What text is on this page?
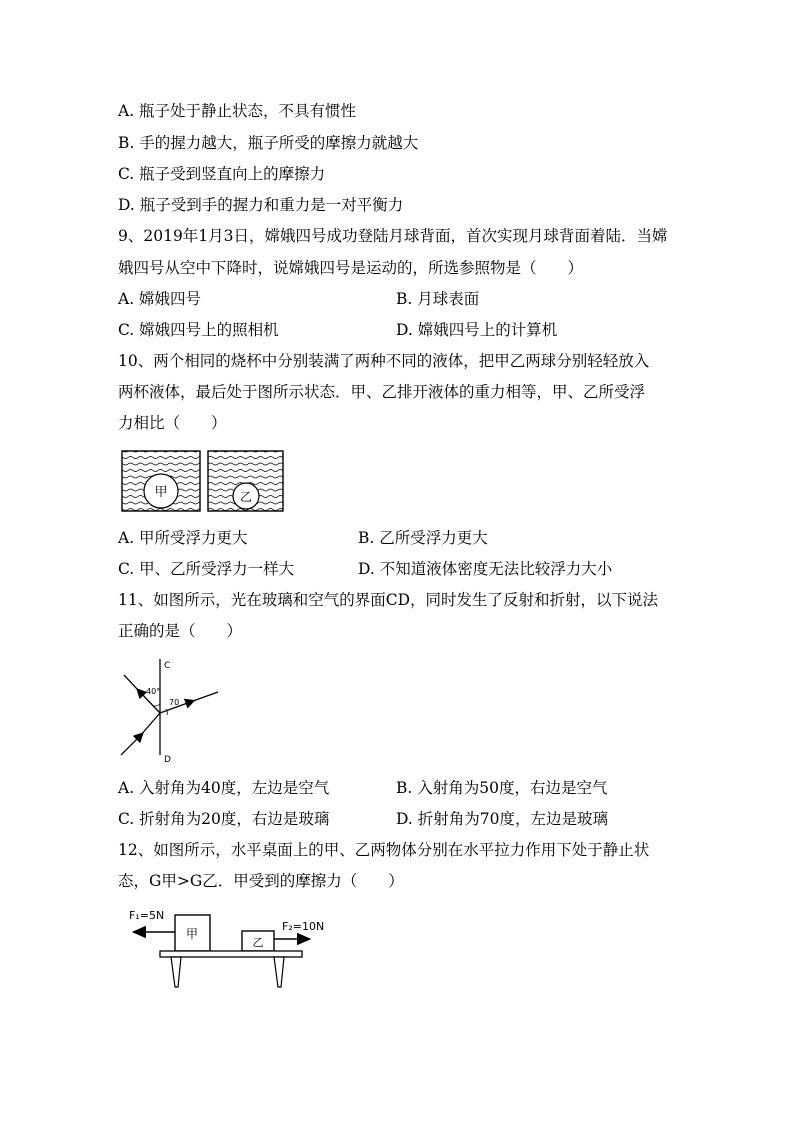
A. 瓶子处于静止状态，不具有惯性
B. 手的握力越大，瓶子所受的摩擦力就越大
C. 瓶子受到竖直向上的摩擦力
D. 瓶子受到手的握力和重力是一对平衡力
9、2019年1月3日，嫦娥四号成功登陆月球背面，首次实现月球背面着陆．当嫦
娥四号从空中下降时，说嫦娥四号是运动的，所选参照物是（　　）
A. 嫦娥四号	B. 月球表面
C. 嫦娥四号上的照相机	D. 嫦娥四号上的计算机
10、两个相同的烧杯中分别装满了两种不同的液体，把甲乙两球分别轻轻放入
两杯液体，最后处于图所示状态．甲、乙排开液体的重力相等，甲、乙所受浮
力相比（　　）
甲	乙
A. 甲所受浮力更大	B. 乙所受浮力更大
C. 甲、乙所受浮力一样大	D. 不知道液体密度无法比较浮力大小
11、如图所示，光在玻璃和空气的界面CD，同时发生了反射和折射，以下说法
正确的是（　　）
C
D
40°
70
A. 入射角为40度，左边是空气	B. 入射角为50度，右边是空气
C. 折射角为20度，右边是玻璃	D. 折射角为70度，左边是玻璃
12、如图所示，水平桌面上的甲、乙两物体分别在水平拉力作用下处于静止状
态，G甲>G乙．甲受到的摩擦力（　　）
F₁=5N
F₂=10N
甲
乙
